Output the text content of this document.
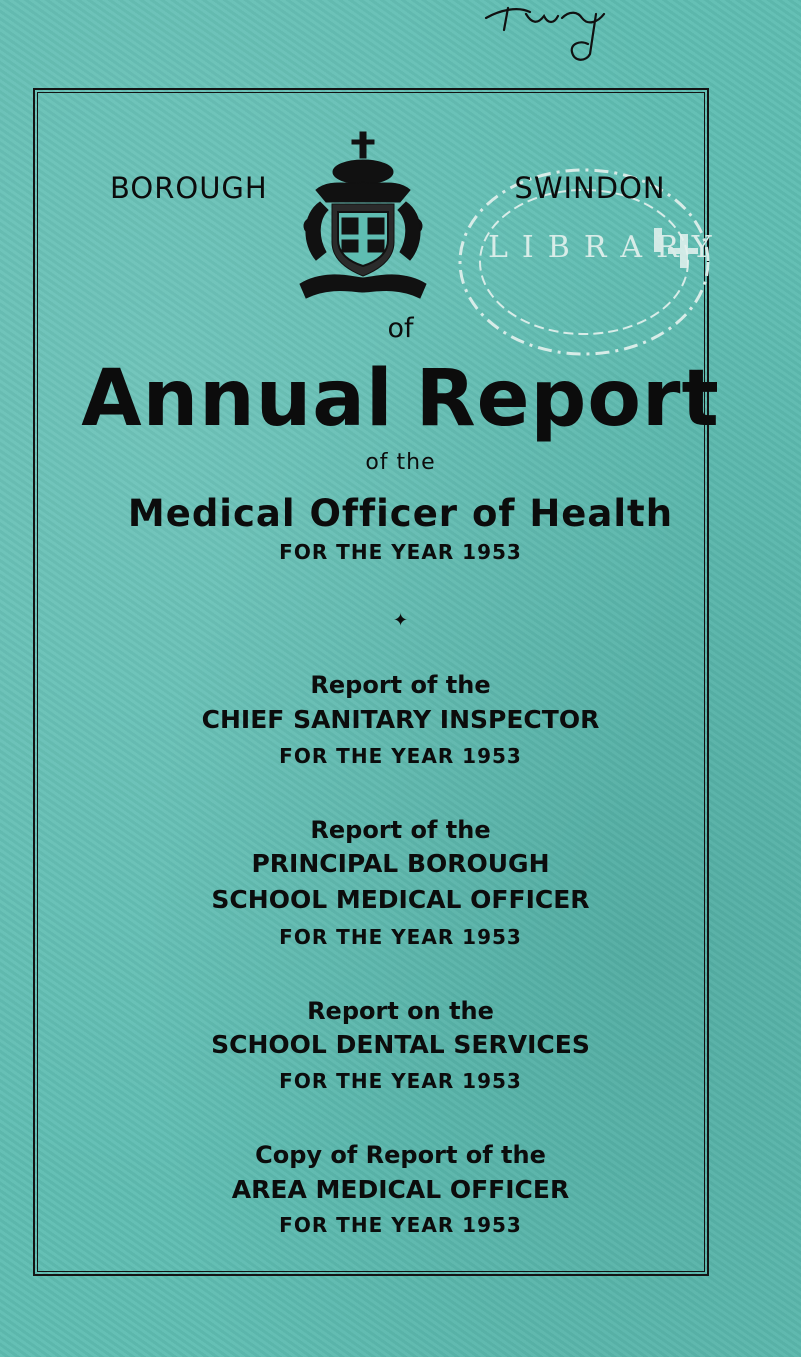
BOROUGH	SWINDON
LIBRARY
of
Annual Report
of the
Medical Officer of Health
FOR THE YEAR 1953
✦
Report of the
CHIEF SANITARY INSPECTOR
FOR THE YEAR 1953
Report of the
PRINCIPAL BOROUGH
SCHOOL MEDICAL OFFICER
FOR THE YEAR 1953
Report on the
SCHOOL DENTAL SERVICES
FOR THE YEAR 1953
Copy of Report of the
AREA MEDICAL OFFICER
FOR THE YEAR 1953
